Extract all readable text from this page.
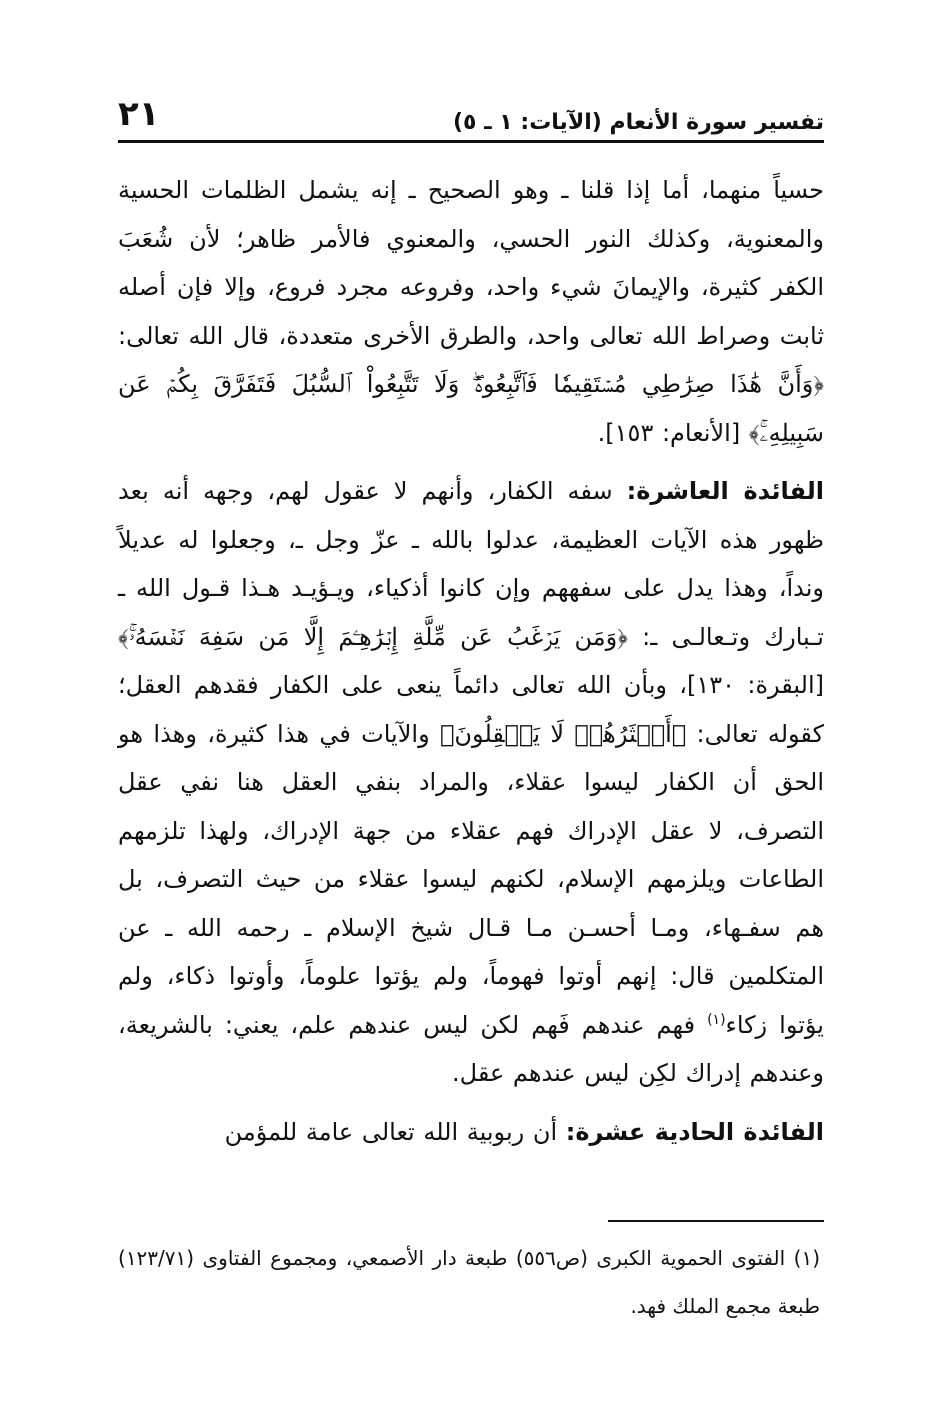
تفسير سورة الأنعام (الآيات: ١ ـ ٥)
٢١

حسياً منهما، أما إذا قلنا ـ وهو الصحيح ـ إنه يشمل الظلمات الحسية والمعنوية، وكذلك النور الحسي، والمعنوي فالأمر ظاهر؛ لأن شُعَبَ الكفر كثيرة، والإيمانَ شيء واحد، وفروعه مجرد فروع، وإلا فإن أصله ثابت وصراط الله تعالى واحد، والطرق الأخرى متعددة، قال الله تعالى: ﴿وَأَنَّ هَٰذَا صِرَٰطِي مُسۡتَقِيمٗا فَٱتَّبِعُوهُۖ وَلَا تَتَّبِعُواْ ٱلسُّبُلَ فَتَفَرَّقَ بِكُمۡ عَن سَبِيلِهِۦۚ﴾ [الأنعام: ١٥٣].

الفائدة العاشرة: سفه الكفار، وأنهم لا عقول لهم، وجهه أنه بعد ظهور هذه الآيات العظيمة، عدلوا بالله ـ عزّ وجل ـ، وجعلوا له عديلاً ونداً، وهذا يدل على سفههم وإن كانوا أذكياء، ويـؤيـد هـذا قـول الله ـ تـبارك وتـعالـى ـ: ﴿وَمَن يَرۡغَبُ عَن مِّلَّةِ إِبۡرَٰهِـۧمَ إِلَّا مَن سَفِهَ نَفۡسَهُۥۚ﴾ [البقرة: ١٣٠]، وبأن الله تعالى دائماً ينعى على الكفار فقدهم العقل؛ كقوله تعالى: ﴿أَكۡثَرُهُمۡ لَا يَعۡقِلُونَ﴾ والآيات في هذا كثيرة، وهذا هو الحق أن الكفار ليسوا عقلاء، والمراد بنفي العقل هنا نفي عقل التصرف، لا عقل الإدراك فهم عقلاء من جهة الإدراك، ولهذا تلزمهم الطاعات ويلزمهم الإسلام، لكنهم ليسوا عقلاء من حيث التصرف، بل هم سفـهاء، ومـا أحسـن مـا قـال شيخ الإسلام ـ رحمه الله ـ عن المتكلمين قال: إنهم أوتوا فهوماً، ولم يؤتوا علوماً، وأوتوا ذكاء، ولم يؤتوا زكاء$^{(١)}$ فهم عندهم فَهم لكن ليس عندهم علم، يعني: بالشريعة، وعندهم إدراك لكِن ليس عندهم عقل.

الفائدة الحادية عشرة: أن ربوبية الله تعالى عامة للمؤمن

(١) الفتوى الحموية الكبرى (ص٥٥٦) طبعة دار الأصمعي، ومجموع الفتاوى (١٢٣/٧١) طبعة مجمع الملك فهد.
